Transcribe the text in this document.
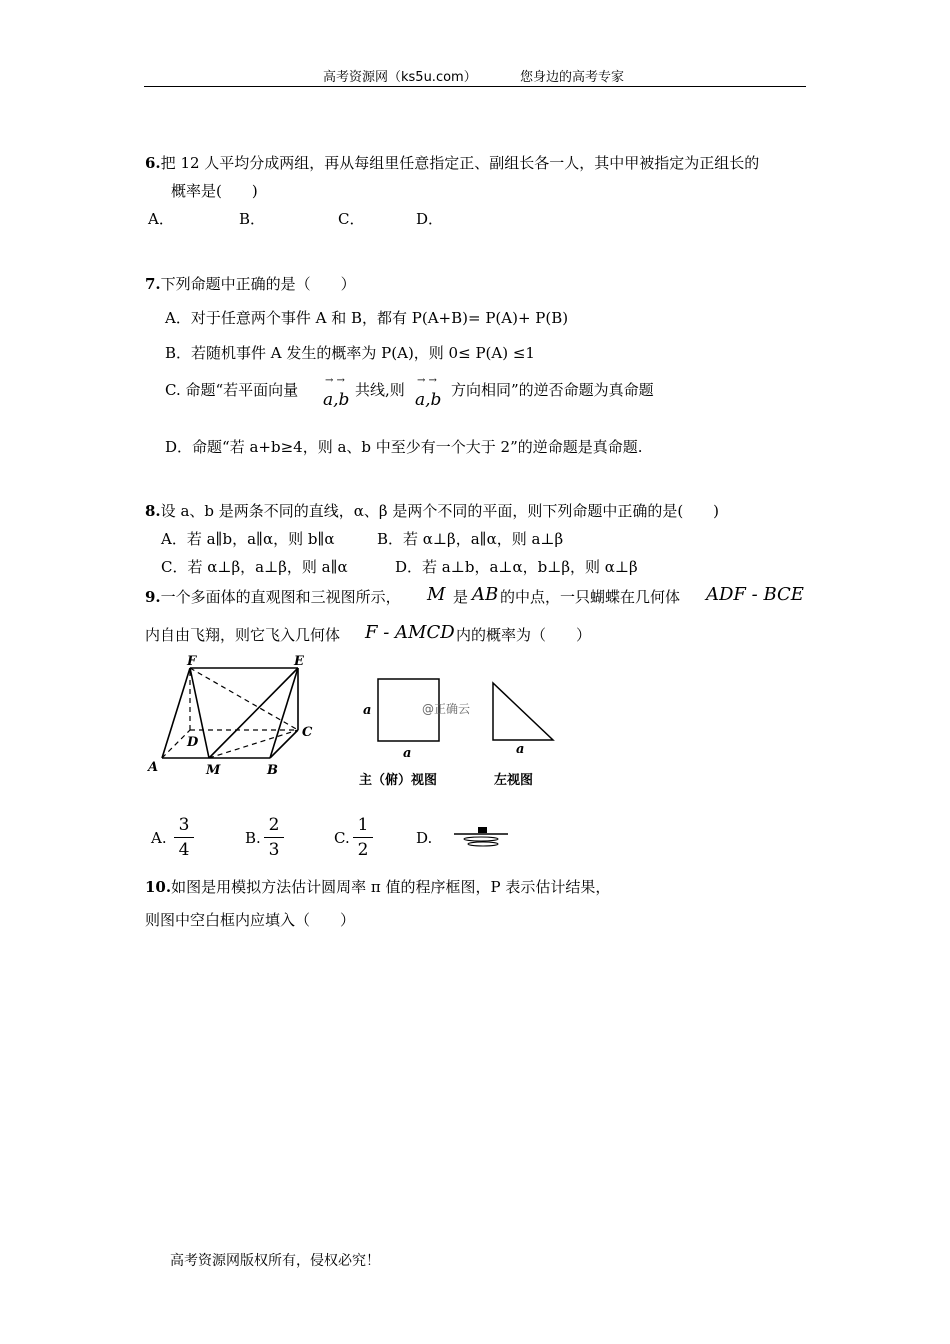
高考资源网（ks5u.com）	您身边的高考专家
6.把 12 人平均分成两组，再从每组里任意指定正、副组长各一人，其中甲被指定为正组长的
概率是(　　)
A．	B．	C．	D．
7.下列命题中正确的是（　　）
A．对于任意两个事件 A 和 B，都有 P(A+B)= P(A)+ P(B)
B．若随机事件 A 发生的概率为 P(A)，则 0≤ P(A) ≤1
C. 命题“若平面向量	共线,则	方向相同”的逆否命题为真命题
a,b
→ →
a,b
→ →
D．命题“若 a+b≥4，则 a、b 中至少有一个大于 2”的逆命题是真命题.
8.设 a、b 是两条不同的直线，α、β 是两个不同的平面，则下列命题中正确的是(　　)
A．若 a∥b，a∥α，则 b∥α	B．若 α⊥β，a∥α，则 a⊥β
C．若 α⊥β，a⊥β，则 a∥α	D．若 a⊥b，a⊥α，b⊥β，则 α⊥β
9.一个多面体的直观图和三视图所示， M 是 AB 的中点，一只蝴蝶在几何体 ADF - BCE
内自由飞翔，则它飞入几何体 F - AMCD 内的概率为（　　）
F	E
D
C
A	M	B
a
a	a
@正确云
主（俯）视图	左视图
A.
3
4
B.
2
3
C.
1
2
D.
10.如图是用模拟方法估计圆周率 π 值的程序框图，P 表示估计结果，
则图中空白框内应填入（　　）
高考资源网版权所有，侵权必究！
